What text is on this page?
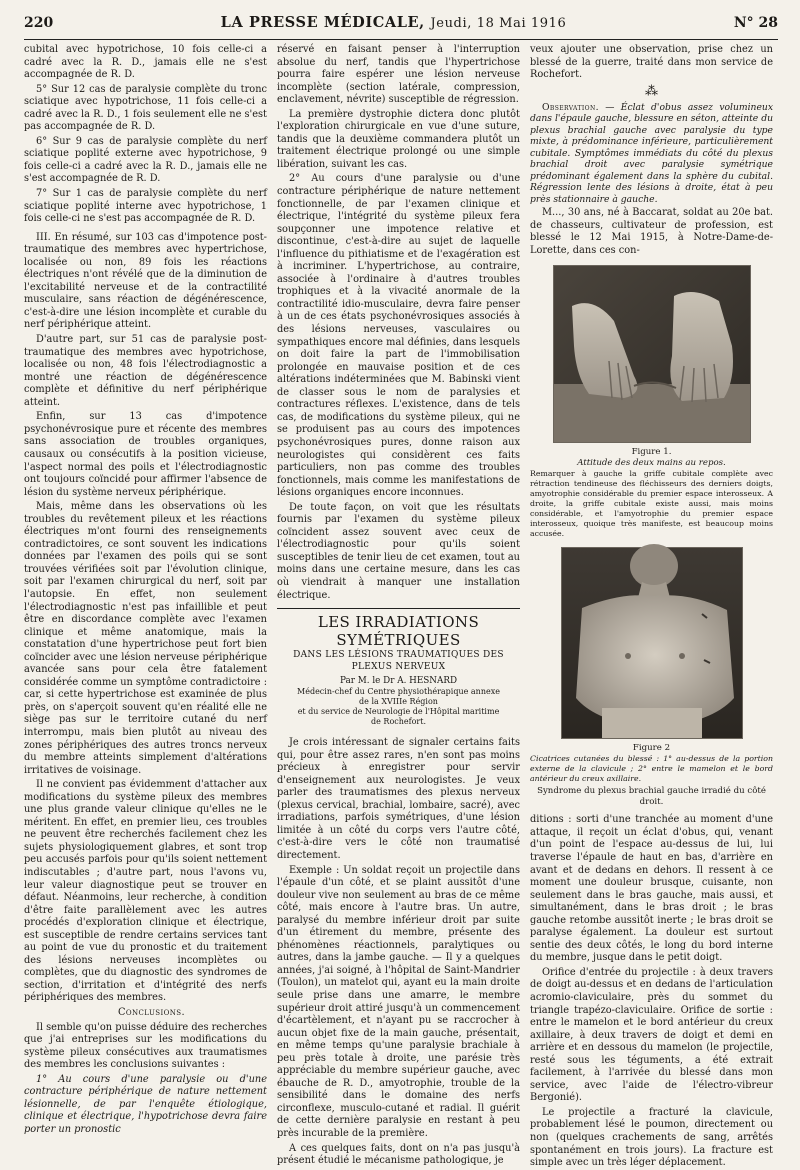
220	LA PRESSE MÉDICALE, Jeudi, 18 Mai 1916	N° 28

cubital avec hypotrichose, 10 fois celle-ci a cadré avec la R. D., jamais elle ne s'est accompagnée de R. D.

5° Sur 12 cas de paralysie complète du tronc sciatique avec hypotrichose, 11 fois celle-ci a cadré avec la R. D., 1 fois seulement elle ne s'est pas accompagnée de R. D.

6° Sur 9 cas de paralysie complète du nerf sciatique poplité externe avec hypotrichose, 9 fois celle-ci a cadré avec la R. D., jamais elle ne s'est accompagnée de R. D.

7° Sur 1 cas de paralysie complète du nerf sciatique poplité interne avec hypotrichose, 1 fois celle-ci ne s'est pas accompagnée de R. D.

III. En résumé, sur 103 cas d'impotence post-traumatique des membres avec hypertrichose, localisée ou non, 89 fois les réactions électriques n'ont révélé que de la diminution de l'excitabilité nerveuse et de la contractilité musculaire, sans réaction de dégénérescence, c'est-à-dire une lésion incomplète et curable du nerf périphérique atteint.

D'autre part, sur 51 cas de paralysie post-traumatique des membres avec hypotrichose, localisée ou non, 48 fois l'électrodiagnostic a montré une réaction de dégénérescence complète et définitive du nerf périphérique atteint.

Enfin, sur 13 cas d'impotence psychonévrosique pure et récente des membres sans association de troubles organiques, causaux ou consécutifs à la position vicieuse, l'aspect normal des poils et l'électrodiagnostic ont toujours coïncidé pour affirmer l'absence de lésion du système nerveux périphérique.

Mais, même dans les observations où les troubles du revêtement pileux et les réactions électriques m'ont fourni des renseignements contradictoires, ce sont souvent les indications données par l'examen des poils qui se sont trouvées vérifiées soit par l'évolution clinique, soit par l'examen chirurgical du nerf, soit par l'autopsie. En effet, non seulement l'électrodiagnostic n'est pas infaillible et peut être en discordance complète avec l'examen clinique et même anatomique, mais la constatation d'une hypertrichose peut fort bien coïncider avec une lésion nerveuse périphérique avancée sans pour cela être fatalement considérée comme un symptôme contradictoire : car, si cette hypertrichose est examinée de plus près, on s'aperçoit souvent qu'en réalité elle ne siège pas sur le territoire cutané du nerf interrompu, mais bien plutôt au niveau des zones périphériques des autres troncs nerveux du membre atteints simplement d'altérations irritatives de voisinage.

Il ne convient pas évidemment d'attacher aux modifications du système pileux des membres une plus grande valeur clinique qu'elles ne le méritent. En effet, en premier lieu, ces troubles ne peuvent être recherchés facilement chez les sujets physiologiquement glabres, et sont trop peu accusés parfois pour qu'ils soient nettement indiscutables ; d'autre part, nous l'avons vu, leur valeur diagnostique peut se trouver en défaut. Néanmoins, leur recherche, à condition d'être faite parallèlement avec les autres procédés d'exploration clinique et électrique, est susceptible de rendre certains services tant au point de vue du pronostic et du traitement des lésions nerveuses incomplètes ou complètes, que du diagnostic des syndromes de section, d'irritation et d'intégrité des nerfs périphériques des membres.

Conclusions.

Il semble qu'on puisse déduire des recherches que j'ai entreprises sur les modifications du système pileux consécutives aux traumatismes des membres les conclusions suivantes :

1° Au cours d'une paralysie ou d'une contracture périphérique de nature nettement lésionnelle, de par l'enquête étiologique, clinique et électrique, l'hypotrichose devra faire porter un pronostic

réservé en faisant penser à l'interruption absolue du nerf, tandis que l'hypertrichose pourra faire espérer une lésion nerveuse incomplète (section latérale, compression, enclavement, névrite) susceptible de régression.

La première dystrophie dictera donc plutôt l'exploration chirurgicale en vue d'une suture, tandis que la deuxième commandera plutôt un traitement électrique prolongé ou une simple libération, suivant les cas.

2° Au cours d'une paralysie ou d'une contracture périphérique de nature nettement fonctionnelle, de par l'examen clinique et électrique, l'intégrité du système pileux fera soupçonner une impotence relative et discontinue, c'est-à-dire au sujet de laquelle l'influence du pithiatisme et de l'exagération est à incriminer. L'hypertrichose, au contraire, associée à l'ordinaire à d'autres troubles trophiques et à la vivacité anormale de la contractilité idio-musculaire, devra faire penser à un de ces états psychonévrosiques associés à des lésions nerveuses, vasculaires ou sympathiques encore mal définies, dans lesquels on doit faire la part de l'immobilisation prolongée en mauvaise position et de ces altérations indéterminées que M. Babinski vient de classer sous le nom de paralysies et contractures réflexes. L'existence, dans de tels cas, de modifications du système pileux, qui ne se produisent pas au cours des impotences psychonévrosiques pures, donne raison aux neurologistes qui considèrent ces faits particuliers, non pas comme des troubles fonctionnels, mais comme les manifestations de lésions organiques encore inconnues.

De toute façon, on voit que les résultats fournis par l'examen du système pileux coïncident assez souvent avec ceux de l'électrodiagnostic pour qu'ils soient susceptibles de tenir lieu de cet examen, tout au moins dans une certaine mesure, dans les cas où viendrait à manquer une installation électrique.

LES IRRADIATIONS SYMÉTRIQUES
DANS LES LÉSIONS TRAUMATIQUES DES PLEXUS NERVEUX
Par M. le Dr A. HESNARD
Médecin-chef du Centre physiothérapique annexe
de la XVIIIe Région
et du service de Neurologie de l'Hôpital maritime
de Rochefort.

Je crois intéressant de signaler certains faits qui, pour être assez rares, n'en sont pas moins précieux à enregistrer pour servir d'enseignement aux neurologistes. Je veux parler des traumatismes des plexus nerveux (plexus cervical, brachial, lombaire, sacré), avec irradiations, parfois symétriques, d'une lésion limitée à un côté du corps vers l'autre côté, c'est-à-dire vers le côté non traumatisé directement.

Exemple : Un soldat reçoit un projectile dans l'épaule d'un côté, et se plaint aussitôt d'une douleur vive non seulement au bras de ce même côté, mais encore à l'autre bras. Un autre, paralysé du membre inférieur droit par suite d'un étirement du membre, présente des phénomènes réactionnels, paralytiques ou autres, dans la jambe gauche. — Il y a quelques années, j'ai soigné, à l'hôpital de Saint-Mandrier (Toulon), un matelot qui, ayant eu la main droite seule prise dans une amarre, le membre supérieur droit attiré jusqu'à un commencement d'écartèlement, et n'ayant pu se raccrocher à aucun objet fixe de la main gauche, présentait, en même temps qu'une paralysie brachiale à peu près totale à droite, une parésie très appréciable du membre supérieur gauche, avec ébauche de R. D., amyotrophie, trouble de la sensibilité dans le domaine des nerfs circonflexe, musculo-cutané et radial. Il guérit de cette dernière paralysie en restant à peu près incurable de la première.

A ces quelques faits, dont on n'a pas jusqu'à présent étudié le mécanisme pathologique, je

veux ajouter une observation, prise chez un blessé de la guerre, traité dans mon service de Rochefort.

⁂

Observation. — Éclat d'obus assez volumineux dans l'épaule gauche, blessure en séton, atteinte du plexus brachial gauche avec paralysie du type mixte, à prédominance inférieure, particulièrement cubitale. Symptômes immédiats du côté du plexus brachial droit avec paralysie symétrique prédominant également dans la sphère du cubital. Régression lente des lésions à droite, état à peu près stationnaire à gauche.

M..., 30 ans, né à Baccarat, soldat au 20e bat. de chasseurs, cultivateur de profession, est blessé le 12 Mai 1915, à Notre-Dame-de-Lorette, dans ces con-

Figure 1.
Attitude des deux mains au repos.
Remarquer à gauche la griffe cubitale complète avec rétraction tendineuse des fléchisseurs des derniers doigts, amyotrophie considérable du premier espace interosseux. A droite, la griffe cubitale existe aussi, mais moins considérable, et l'amyotrophie du premier espace interosseux, quoique très manifeste, est beaucoup moins accusée.
Figure 2
Cicatrices cutanées du blessé : 1° au-dessus de la portion externe de la clavicule ; 2° entre le mamelon et le bord antérieur du creux axillaire.
Syndrome du plexus brachial gauche irradié du côté droit.

ditions : sorti d'une tranchée au moment d'une attaque, il reçoit un éclat d'obus, qui, venant d'un point de l'espace au-dessus de lui, lui traverse l'épaule de haut en bas, d'arrière en avant et de dedans en dehors. Il ressent à ce moment une douleur brusque, cuisante, non seulement dans le bras gauche, mais aussi, et simultanément, dans le bras droit ; le bras gauche retombe aussitôt inerte ; le bras droit se paralyse également. La douleur est surtout sentie des deux côtés, le long du bord interne du membre, jusque dans le petit doigt.

Orifice d'entrée du projectile : à deux travers de doigt au-dessus et en dedans de l'articulation acromio-claviculaire, près du sommet du triangle trapézo-claviculaire. Orifice de sortie : entre le mamelon et le bord antérieur du creux axillaire, à deux travers de doigt et demi en arrière et en dessous du mamelon (le projectile, resté sous les téguments, a été extrait facilement, à l'arrivée du blessé dans mon service, avec l'aide de l'électro-vibreur Bergonié).

Le projectile a fracturé la clavicule, probablement lésé le poumon, directement ou non (quelques crachements de sang, arrêtés spontanément en trois jours). La fracture est simple avec un très léger déplacement.
